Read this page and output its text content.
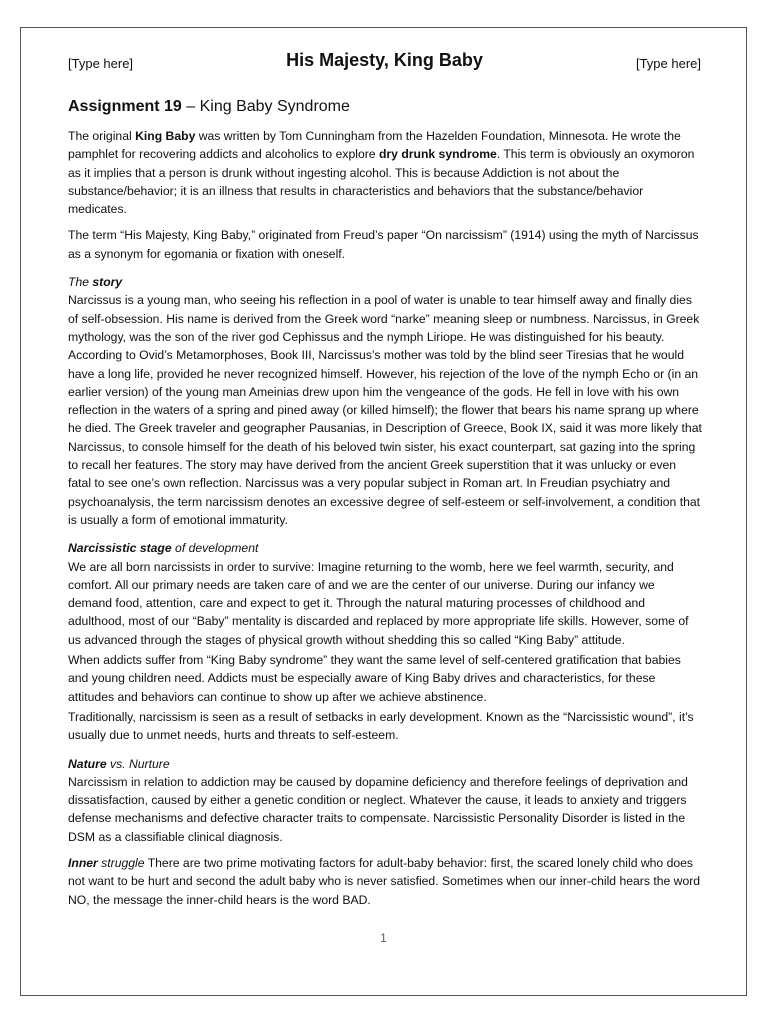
[Type here]	His Majesty, King Baby	[Type here]
Assignment 19 – King Baby Syndrome

The original King Baby was written by Tom Cunningham from the Hazelden Foundation, Minnesota. He wrote the pamphlet for recovering addicts and alcoholics to explore dry drunk syndrome. This term is obviously an oxymoron as it implies that a person is drunk without ingesting alcohol. This is because Addiction is not about the substance/behavior; it is an illness that results in characteristics and behaviors that the substance/behavior medicates.

The term “His Majesty, King Baby,” originated from Freud’s paper “On narcissism” (1914) using the myth of Narcissus as a synonym for egomania or fixation with oneself.

The story

Narcissus is a young man, who seeing his reflection in a pool of water is unable to tear himself away and finally dies of self-obsession. His name is derived from the Greek word “narke” meaning sleep or numbness. Narcissus, in Greek mythology, was the son of the river god Cephissus and the nymph Liriope. He was distinguished for his beauty. According to Ovid’s Metamorphoses, Book III, Narcissus’s mother was told by the blind seer Tiresias that he would have a long life, provided he never recognized himself. However, his rejection of the love of the nymph Echo or (in an earlier version) of the young man Ameinias drew upon him the vengeance of the gods. He fell in love with his own reflection in the waters of a spring and pined away (or killed himself); the flower that bears his name sprang up where he died. The Greek traveler and geographer Pausanias, in Description of Greece, Book IX, said it was more likely that Narcissus, to console himself for the death of his beloved twin sister, his exact counterpart, sat gazing into the spring to recall her features. The story may have derived from the ancient Greek superstition that it was unlucky or even fatal to see one’s own reflection. Narcissus was a very popular subject in Roman art. In Freudian psychiatry and psychoanalysis, the term narcissism denotes an excessive degree of self-esteem or self-involvement, a condition that is usually a form of emotional immaturity.

Narcissistic stage of development

We are all born narcissists in order to survive: Imagine returning to the womb, here we feel warmth, security, and comfort. All our primary needs are taken care of and we are the center of our universe. During our infancy we demand food, attention, care and expect to get it. Through the natural maturing processes of childhood and adulthood, most of our “Baby” mentality is discarded and replaced by more appropriate life skills. However, some of us advanced through the stages of physical growth without shedding this so called “King Baby” attitude.

When addicts suffer from “King Baby syndrome” they want the same level of self-centered gratification that babies and young children need. Addicts must be especially aware of King Baby drives and characteristics, for these attitudes and behaviors can continue to show up after we achieve abstinence.

Traditionally, narcissism is seen as a result of setbacks in early development. Known as the “Narcissistic wound”, it’s usually due to unmet needs, hurts and threats to self-esteem.

Nature vs. Nurture

Narcissism in relation to addiction may be caused by dopamine deficiency and therefore feelings of deprivation and dissatisfaction, caused by either a genetic condition or neglect. Whatever the cause, it leads to anxiety and triggers defense mechanisms and defective character traits to compensate. Narcissistic Personality Disorder is listed in the DSM as a classifiable clinical diagnosis.

Inner struggle There are two prime motivating factors for adult-baby behavior: first, the scared lonely child who does not want to be hurt and second the adult baby who is never satisfied. Sometimes when our inner-child hears the word NO, the message the inner-child hears is the word BAD.

1
